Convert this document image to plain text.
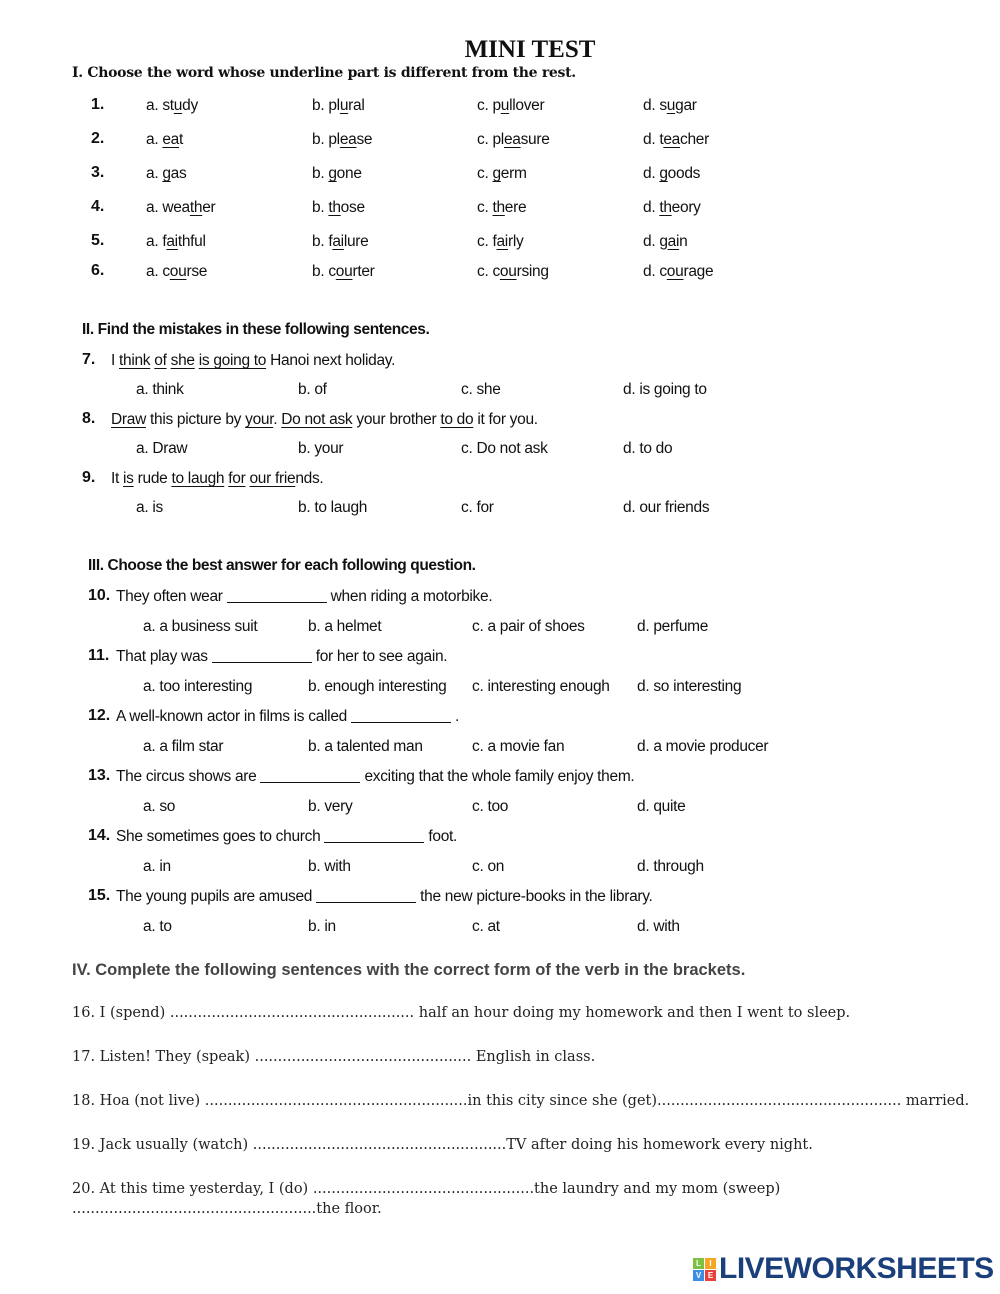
MINI TEST
I. Choose the word whose underline part is different from the rest.
1.	a. study	b. plural	c. pullover	d. sugar
2.	a. eat	b. please	c. pleasure	d. teacher
3.	a. gas	b. gone	c. germ	d. goods
4.	a. weather	b. those	c. there	d. theory
5.	a. faithful	b. failure	c. fairly	d. gain
6.	a. course	b. courter	c. coursing	d. courage
II. Find the mistakes in these following sentences.
7. I think of she is going to Hanoi next holiday.
a. think	b. of	c. she	d. is going to
8. Draw this picture by your. Do not ask your brother to do it for you.
a. Draw	b. your	c. Do not ask	d. to do
9. It is rude to laugh for our friends.
a. is	b. to laugh	c. for	d. our friends
III. Choose the best answer for each following question.
10. They often wear	when riding a motorbike.
a. a business suit	b. a helmet	c. a pair of shoes	d. perfume
11. That play was	for her to see again.
a. too interesting	b. enough interesting c. interesting enough d. so interesting
12. A well-known actor in films is called	.
a. a film star	b. a talented man	c. a movie fan	d. a movie producer
13. The circus shows are	exciting that the whole family enjoy them.
a. so	b. very	c. too	d. quite
14. She sometimes goes to church	foot.
a. in	b. with	c. on	d. through
15. The young pupils are amused	the new picture-books in the library.
a. to	b. in	c. at	d. with
IV. Complete the following sentences with the correct form of the verb in the brackets.
16. I (spend) ..................................................... half an hour doing my homework and then I went to sleep.
17. Listen! They (speak) ............................................... English in class.
18. Hoa (not live) .........................................................in this city since she (get)..................................................... married.
19. Jack usually (watch) .......................................................TV after doing his homework every night.
20. At this time yesterday, I (do) ................................................the laundry and my mom (sweep) .....................................................the floor.
L	I
V E LIVEWORKSHEETS
